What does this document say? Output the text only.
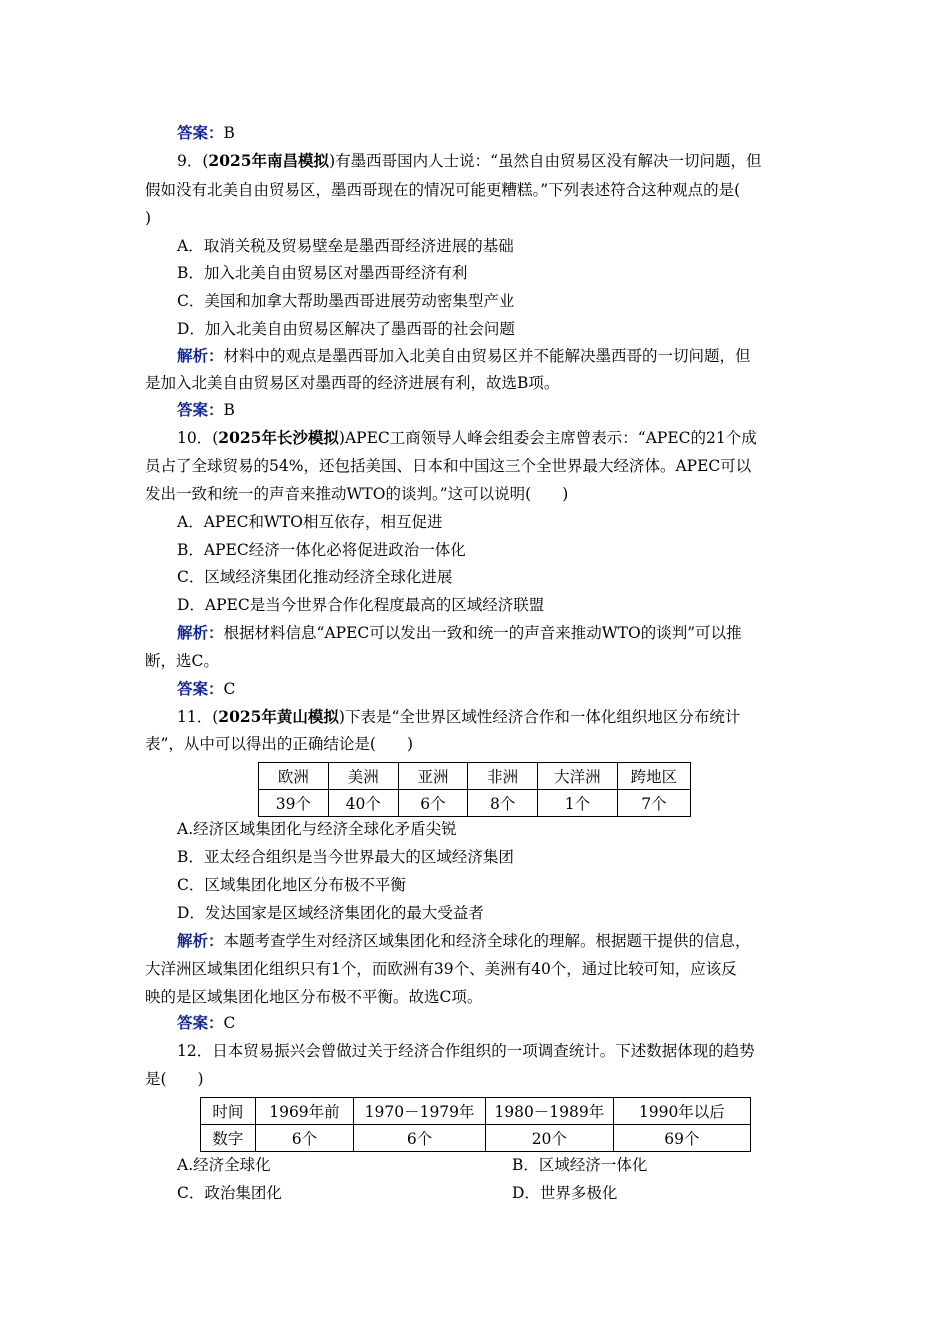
答案：B
9．(2025年南昌模拟)有墨西哥国内人士说：“虽然自由贸易区没有解决一切问题，但
假如没有北美自由贸易区，墨西哥现在的情况可能更糟糕。”下列表述符合这种观点的是(
)
A．取消关税及贸易壁垒是墨西哥经济进展的基础
B．加入北美自由贸易区对墨西哥经济有利
C．美国和加拿大帮助墨西哥进展劳动密集型产业
D．加入北美自由贸易区解决了墨西哥的社会问题
解析：材料中的观点是墨西哥加入北美自由贸易区并不能解决墨西哥的一切问题，但
是加入北美自由贸易区对墨西哥的经济进展有利，故选B项。
答案：B
10．(2025年长沙模拟)APEC工商领导人峰会组委会主席曾表示：“APEC的21个成
员占了全球贸易的54%，还包括美国、日本和中国这三个全世界最大经济体。APEC可以
发出一致和统一的声音来推动WTO的谈判。”这可以说明(　　)
A．APEC和WTO相互依存，相互促进
B．APEC经济一体化必将促进政治一体化
C．区域经济集团化推动经济全球化进展
D．APEC是当今世界合作化程度最高的区域经济联盟
解析：根据材料信息“APEC可以发出一致和统一的声音来推动WTO的谈判”可以推
断，选C。
答案：C
11．(2025年黄山模拟)下表是“全世界区域性经济合作和一体化组织地区分布统计
表”，从中可以得出的正确结论是(　　)
欧洲	美洲	亚洲	非洲	大洋洲	跨地区
39个	40个	6个	8个	1个	7个
A.经济区域集团化与经济全球化矛盾尖锐
B．亚太经合组织是当今世界最大的区域经济集团
C．区域集团化地区分布极不平衡
D．发达国家是区域经济集团化的最大受益者
解析：本题考查学生对经济区域集团化和经济全球化的理解。根据题干提供的信息，
大洋洲区域集团化组织只有1个，而欧洲有39个、美洲有40个，通过比较可知，应该反
映的是区域集团化地区分布极不平衡。故选C项。
答案：C
12．日本贸易振兴会曾做过关于经济合作组织的一项调查统计。下述数据体现的趋势
是(　　)
时间	1969年前	1970－1979年	1980－1989年	1990年以后
数字	6个	6个	20个	69个
A.经济全球化	B．区域经济一体化
C．政治集团化	D．世界多极化
